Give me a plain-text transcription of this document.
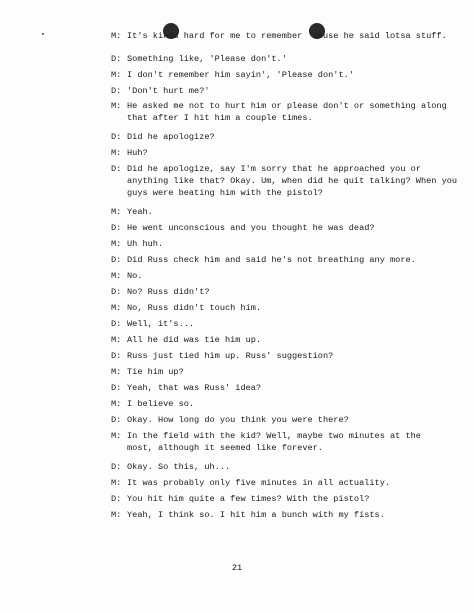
M: It's kinda hard for me to remember 'cause he said lotsa stuff.
D: Something like, 'Please don't.'
M: I don't remember him sayin', 'Please don't.'
D: 'Don't hurt me?'
M: He asked me not to hurt him or please don't or something along
that after I hit him a couple times.
D: Did he apologize?
M: Huh?
D: Did he apologize, say I'm sorry that he approached you or
anything like that? Okay. Um, when did he quit talking? When you
guys were beating him with the pistol?
M: Yeah.
D: He went unconscious and you thought he was dead?
M: Uh huh.
D: Did Russ check him and said he's not breathing any more.
M: No.
D: No? Russ didn't?
M: No, Russ didn't touch him.
D: Well, it's...
M: All he did was tie him up.
D: Russ just tied him up. Russ' suggestion?
M: Tie him up?
D: Yeah, that was Russ' idea?
M: I believe so.
D: Okay. How long do you think you were there?
M: In the field with the kid? Well, maybe two minutes at the
most, although it seemed like forever.
D: Okay. So this, uh...
M: It was probably only five minutes in all actuality.
D: You hit him quite a few times? With the pistol?
M: Yeah, I think so. I hit him a bunch with my fists.
21
